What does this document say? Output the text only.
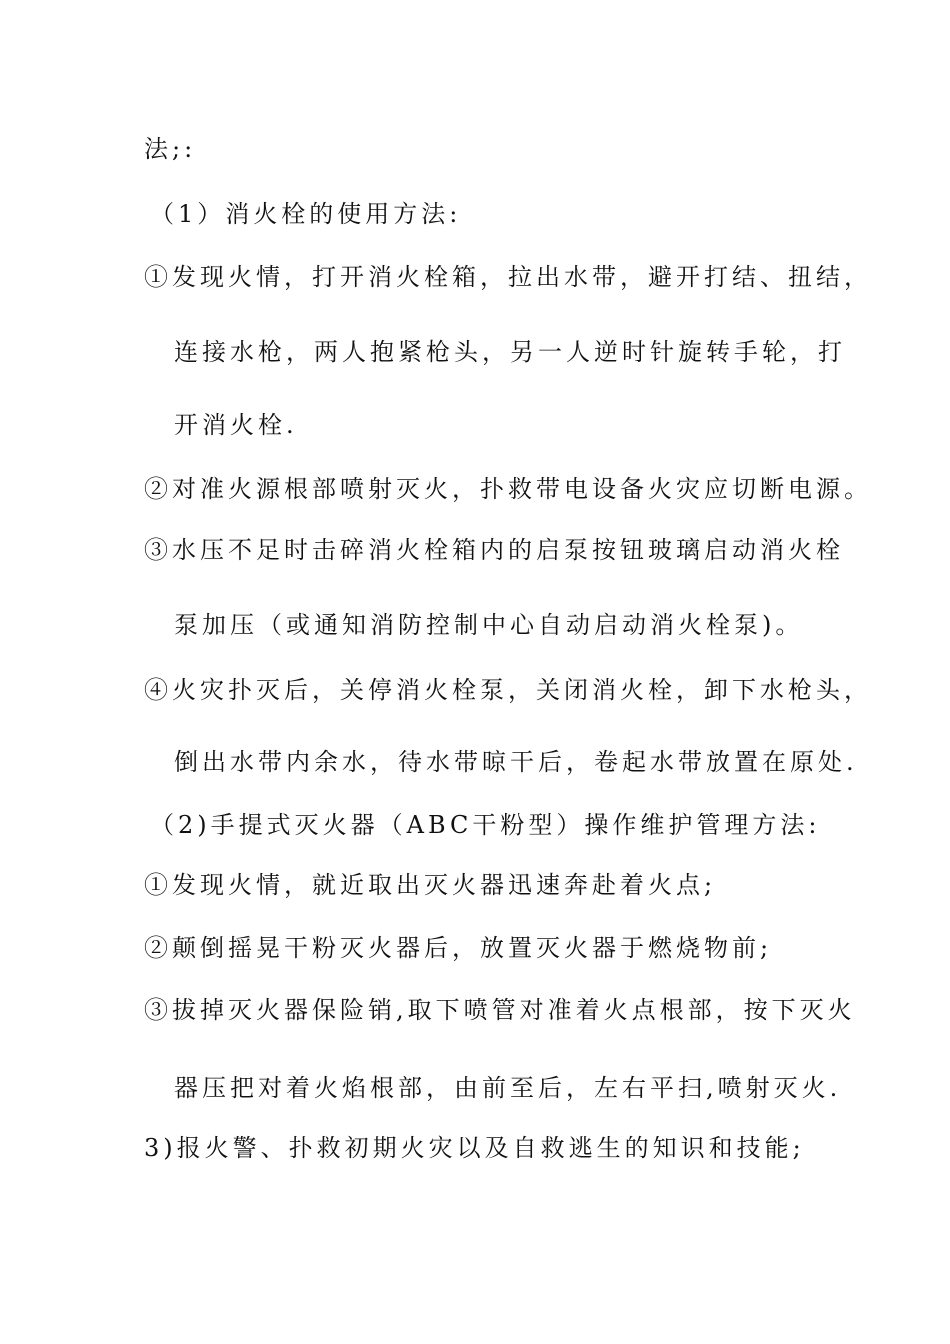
法;:
（1）消火栓的使用方法:
①发现火情，打开消火栓箱，拉出水带，避开打结、扭结，
连接水枪，两人抱紧枪头，另一人逆时针旋转手轮，打
开消火栓.
②对准火源根部喷射灭火，扑救带电设备火灾应切断电源。
③水压不足时击碎消火栓箱内的启泵按钮玻璃启动消火栓
泵加压（或通知消防控制中心自动启动消火栓泵)。
④火灾扑灭后，关停消火栓泵，关闭消火栓，卸下水枪头，
倒出水带内余水，待水带晾干后，卷起水带放置在原处.
（2)手提式灭火器（ABC干粉型）操作维护管理方法:
①发现火情，就近取出灭火器迅速奔赴着火点;
②颠倒摇晃干粉灭火器后，放置灭火器于燃烧物前;
③拔掉灭火器保险销,取下喷管对准着火点根部，按下灭火
器压把对着火焰根部，由前至后，左右平扫,喷射灭火.
3)报火警、扑救初期火灾以及自救逃生的知识和技能;
